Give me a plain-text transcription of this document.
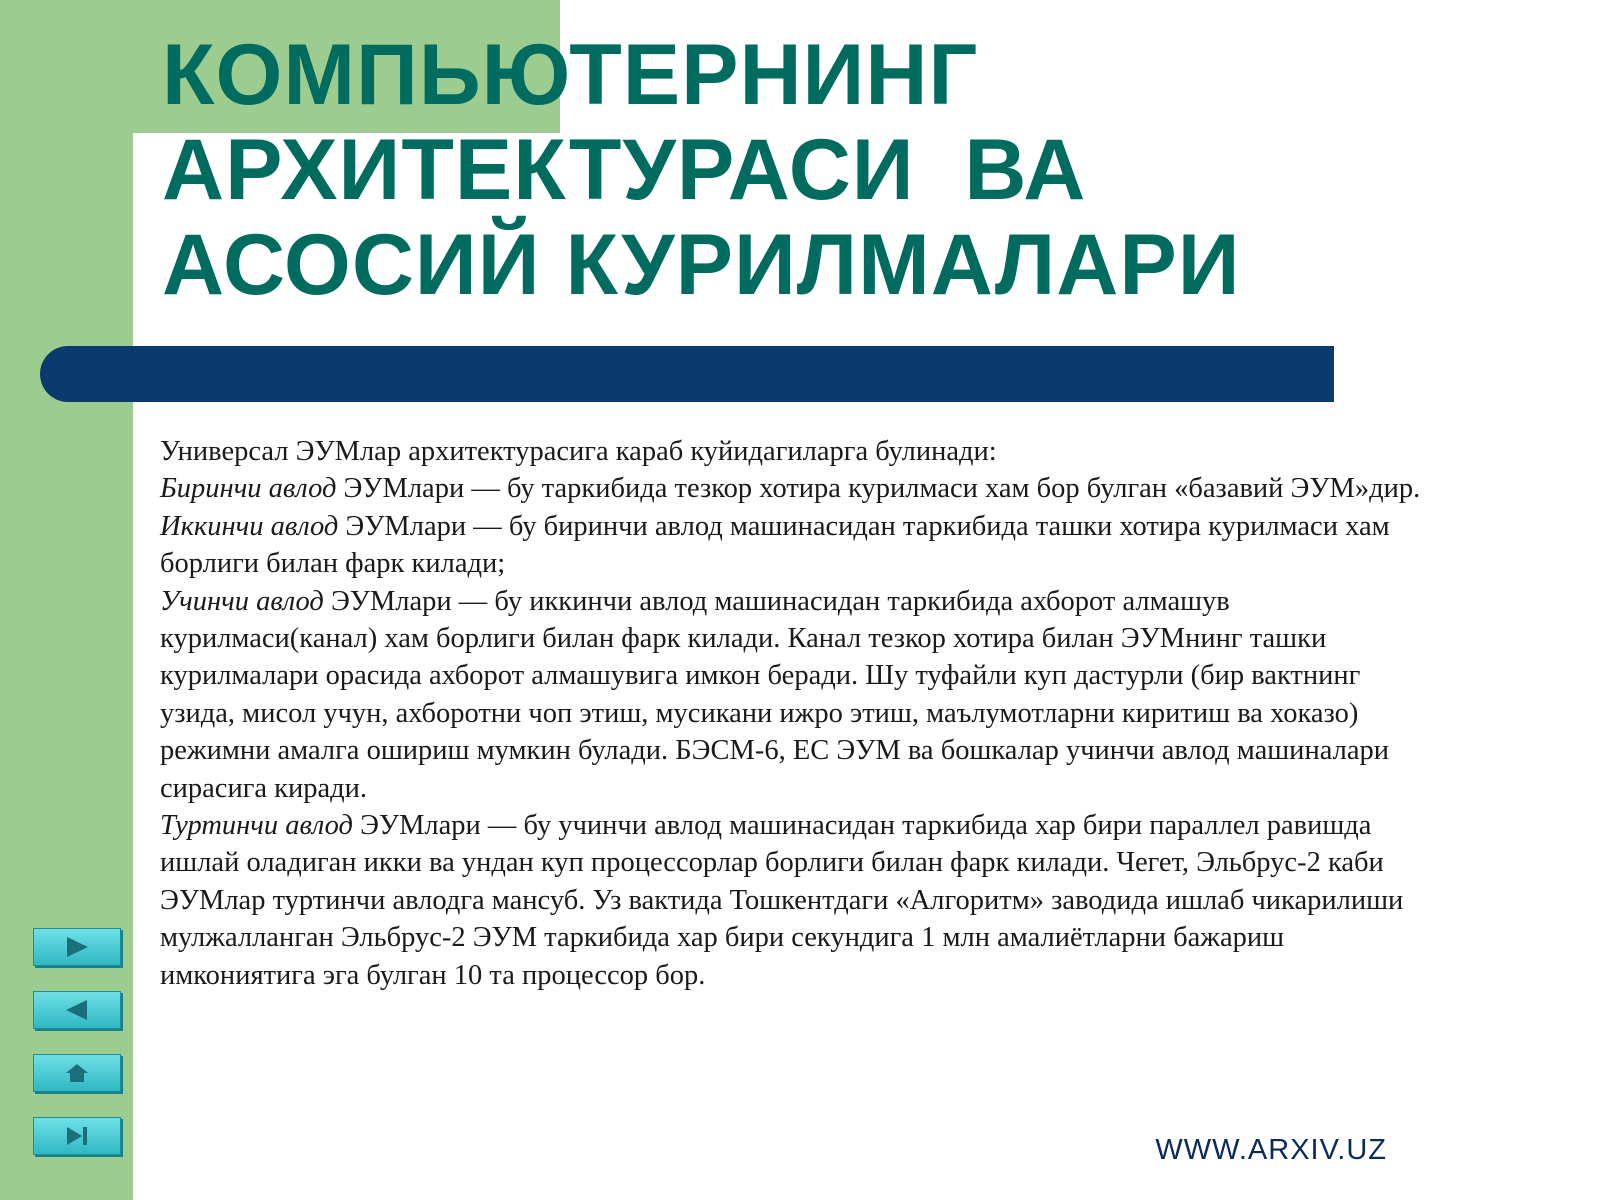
КОМПЬЮТЕРНИНГ
АРХИТЕКТУРАСИ  ВА
АСОСИЙ КУРИЛМАЛАРИ

Универсал ЭУМлар архитектурасига караб куйидагиларга булинади:

Биринчи авлод ЭУМлари — бу таркибида тезкор хотира курилмаси хам бор булган «базавий ЭУМ»дир.

Иккинчи авлод ЭУМлари — бу биринчи авлод машинасидан таркибида ташки хотира курилмаси хам борлиги билан фарк килади;

Учинчи авлод ЭУМлари — бу иккинчи авлод машинасидан таркибида ахборот алмашув курилмаси(канал) хам борлиги билан фарк килади. Канал тезкор хотира билан ЭУМнинг ташки курилмалари орасида ахборот алмашувига имкон беради. Шу туфайли куп дастурли (бир вактнинг узида, мисол учун, ахборотни чоп этиш, мусикани ижро этиш, маълумотларни киритиш ва хоказо) режимни амалга ошириш мумкин булади. БЭСМ-6, ЕС ЭУМ ва бошкалар учинчи авлод машиналари сирасига киради.

Туртинчи авлод ЭУМлари — бу учинчи авлод машинасидан таркибида хар бири параллел равишда ишлай оладиган икки ва ундан куп процессорлар борлиги билан фарк килади. Чегет, Эльбрус-2 каби ЭУМлар туртинчи авлодга мансуб. Уз вактида Тошкентдаги «Алгоритм» заводида ишлаб чикарилиши мулжалланган Эльбрус-2 ЭУМ таркибида хар бири секундига 1 млн амалиётларни бажариш имкониятига эга булган 10 та процессор бор.

WWW.ARXIV.UZ
